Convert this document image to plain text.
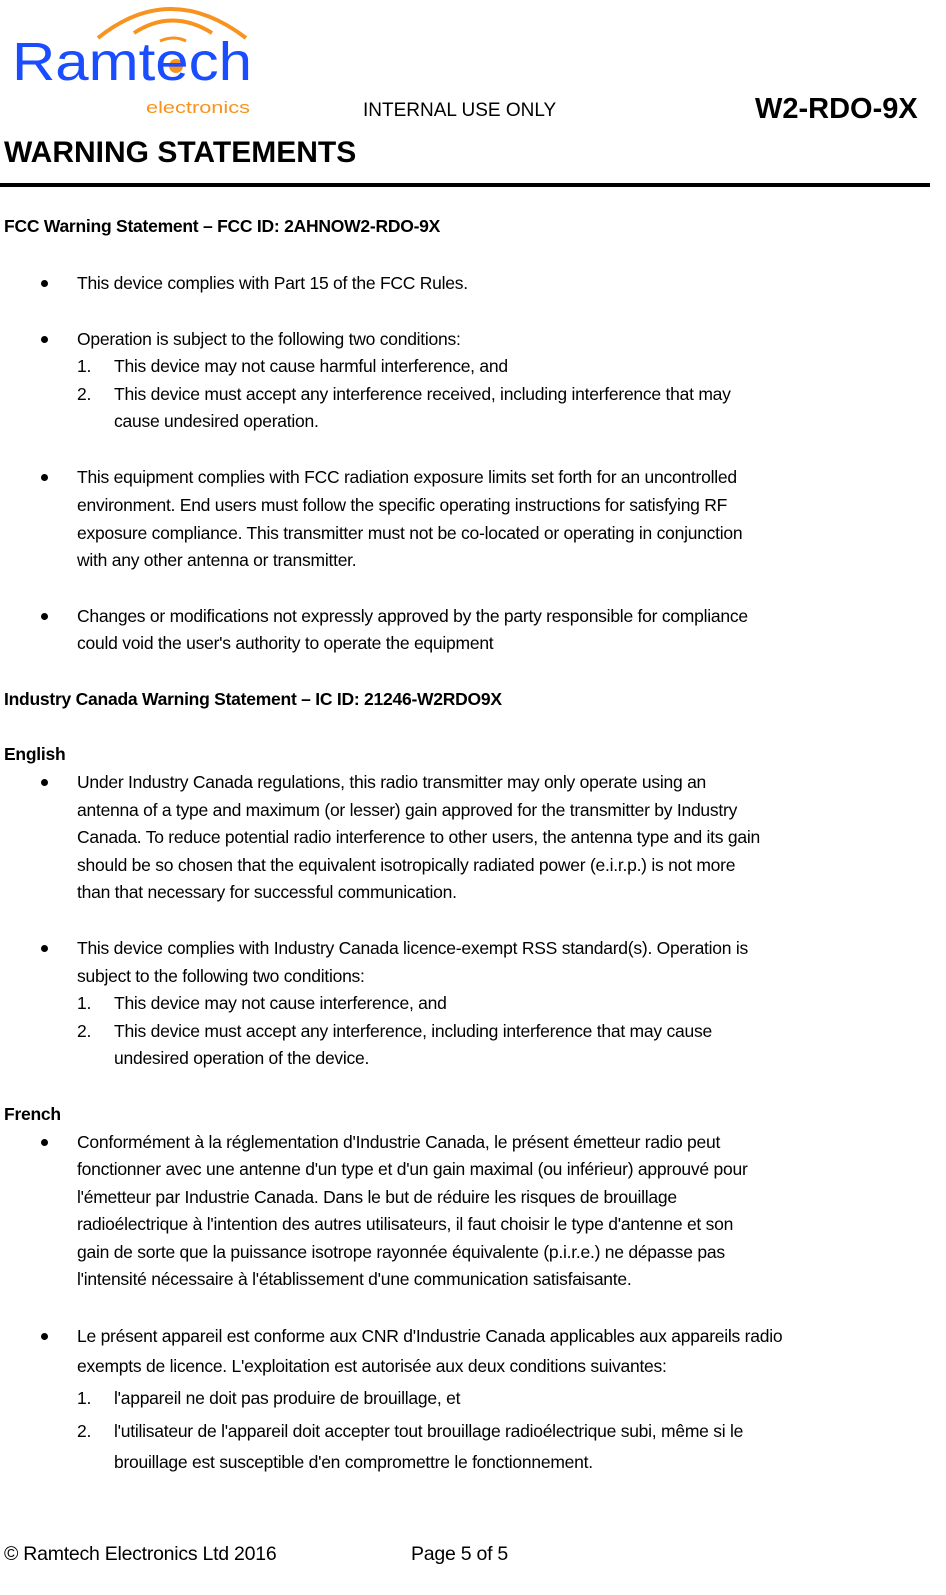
Ramtech
electronics	INTERNAL USE ONLY	W2-RDO-9X
WARNING STATEMENTS
FCC Warning Statement – FCC ID: 2AHNOW2-RDO-9X
This device complies with Part 15 of the FCC Rules.
Operation is subject to the following two conditions:
1. This device may not cause harmful interference, and
2. This device must accept any interference received, including interference that may
cause undesired operation.
This equipment complies with FCC radiation exposure limits set forth for an uncontrolled
environment. End users must follow the specific operating instructions for satisfying RF
exposure compliance. This transmitter must not be co-located or operating in conjunction
with any other antenna or transmitter.
Changes or modifications not expressly approved by the party responsible for compliance
could void the user's authority to operate the equipment
Industry Canada Warning Statement – IC ID: 21246-W2RDO9X
English
Under Industry Canada regulations, this radio transmitter may only operate using an
antenna of a type and maximum (or lesser) gain approved for the transmitter by Industry
Canada. To reduce potential radio interference to other users, the antenna type and its gain
should be so chosen that the equivalent isotropically radiated power (e.i.r.p.) is not more
than that necessary for successful communication.
This device complies with Industry Canada licence-exempt RSS standard(s). Operation is
subject to the following two conditions:
1. This device may not cause interference, and
2. This device must accept any interference, including interference that may cause
undesired operation of the device.
French
Conformément à la réglementation d'Industrie Canada, le présent émetteur radio peut
fonctionner avec une antenne d'un type et d'un gain maximal (ou inférieur) approuvé pour
l'émetteur par Industrie Canada. Dans le but de réduire les risques de brouillage
radioélectrique à l'intention des autres utilisateurs, il faut choisir le type d'antenne et son
gain de sorte que la puissance isotrope rayonnée équivalente (p.i.r.e.) ne dépasse pas
l'intensité nécessaire à l'établissement d'une communication satisfaisante.
Le présent appareil est conforme aux CNR d'Industrie Canada applicables aux appareils radio
exempts de licence. L'exploitation est autorisée aux deux conditions suivantes:
1. l'appareil ne doit pas produire de brouillage, et
2. l'utilisateur de l'appareil doit accepter tout brouillage radioélectrique subi, même si le
brouillage est susceptible d'en compromettre le fonctionnement.
© Ramtech Electronics Ltd 2016	Page 5 of 5
